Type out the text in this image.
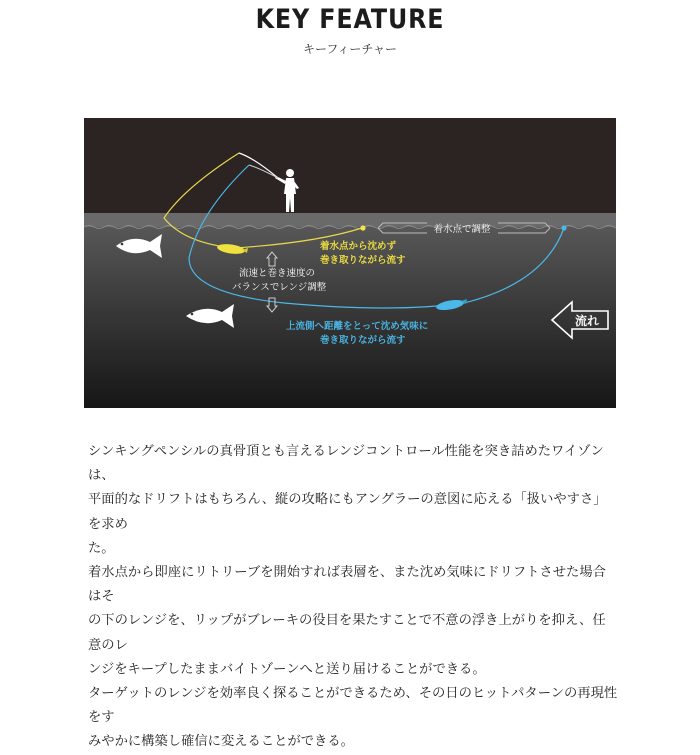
KEY FEATURE
キーフィーチャー
着水点で調整
着水点から沈めず
巻き取りながら流す
流速と巻き速度の
バランスでレンジ調整
上流側へ距離をとって沈め気味に
巻き取りながら流す
流れ

シンキングペンシルの真骨頂とも言えるレンジコントロール性能を突き詰めたワイゾンは、

平面的なドリフトはもちろん、縦の攻略にもアングラーの意図に応える「扱いやすさ」を求め

た。

着水点から即座にリトリーブを開始すれば表層を、また沈め気味にドリフトさせた場合はそ

の下のレンジを、リップがブレーキの役目を果たすことで不意の浮き上がりを抑え、任意のレ

ンジをキープしたままバイトゾーンへと送り届けることができる。

ターゲットのレンジを効率良く探ることができるため、その日のヒットパターンの再現性をす

みやかに構築し確信に変えることができる。
